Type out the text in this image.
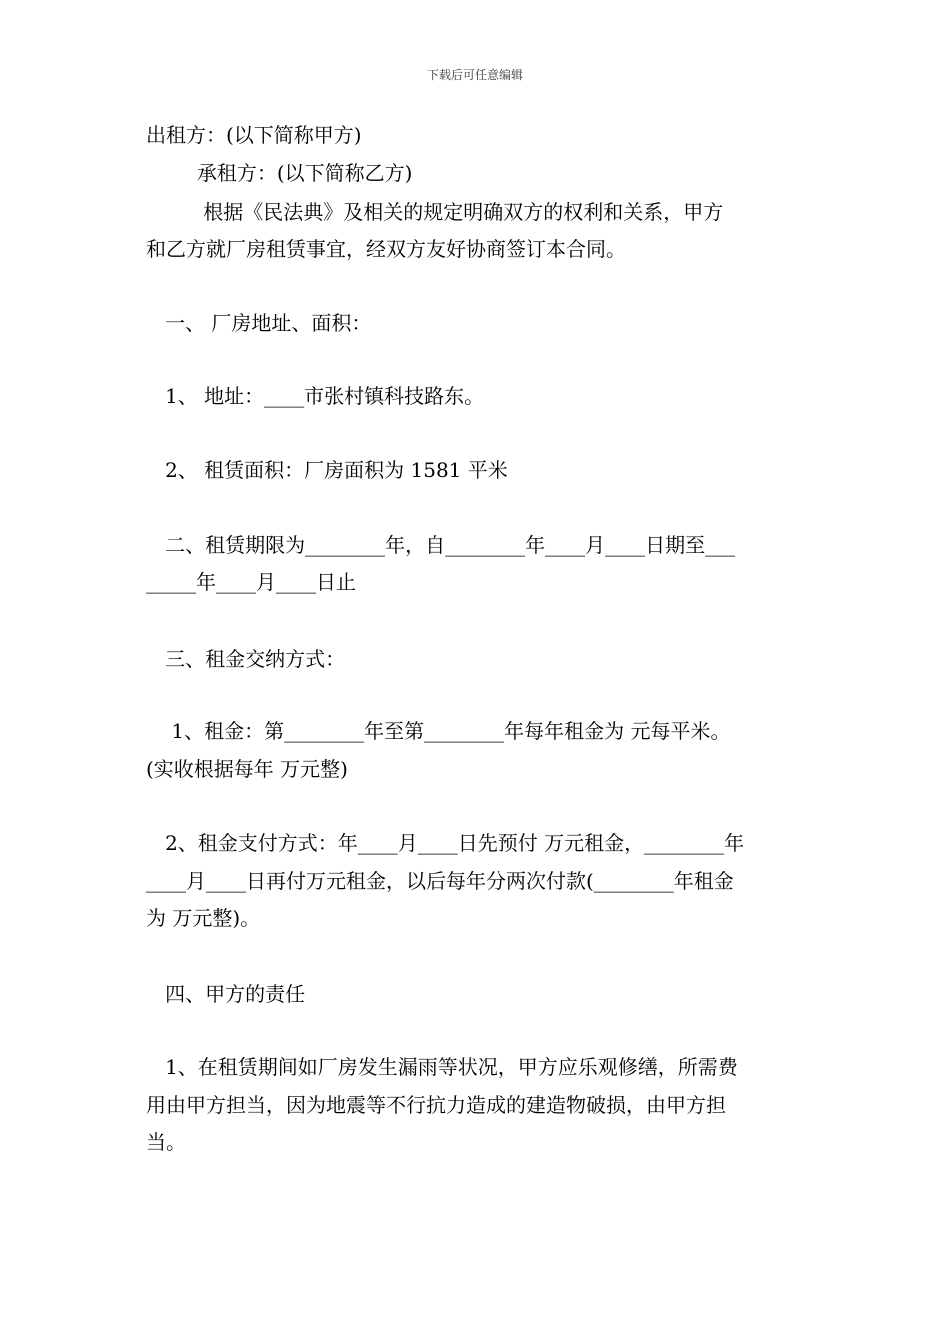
下载后可任意编辑
出租方：(以下简称甲方)
承租方：(以下简称乙方)
根据《民法典》及相关的规定明确双方的权利和关系，甲方
和乙方就厂房租赁事宜，经双方友好协商签订本合同。
一、 厂房地址、面积：
1、 地址：____市张村镇科技路东。
2、 租赁面积：厂房面积为 1581 平米
二、租赁期限为________年，自________年____月____日期至___
_____年____月____日止
三、租金交纳方式：
1、租金：第________年至第________年每年租金为 元每平米。
(实收根据每年 万元整)
2、租金支付方式：年____月____日先预付 万元租金，________年
____月____日再付万元租金，以后每年分两次付款(________年租金
为 万元整)。
四、甲方的责任
1、在租赁期间如厂房发生漏雨等状况，甲方应乐观修缮，所需费
用由甲方担当，因为地震等不行抗力造成的建造物破损，由甲方担
当。
